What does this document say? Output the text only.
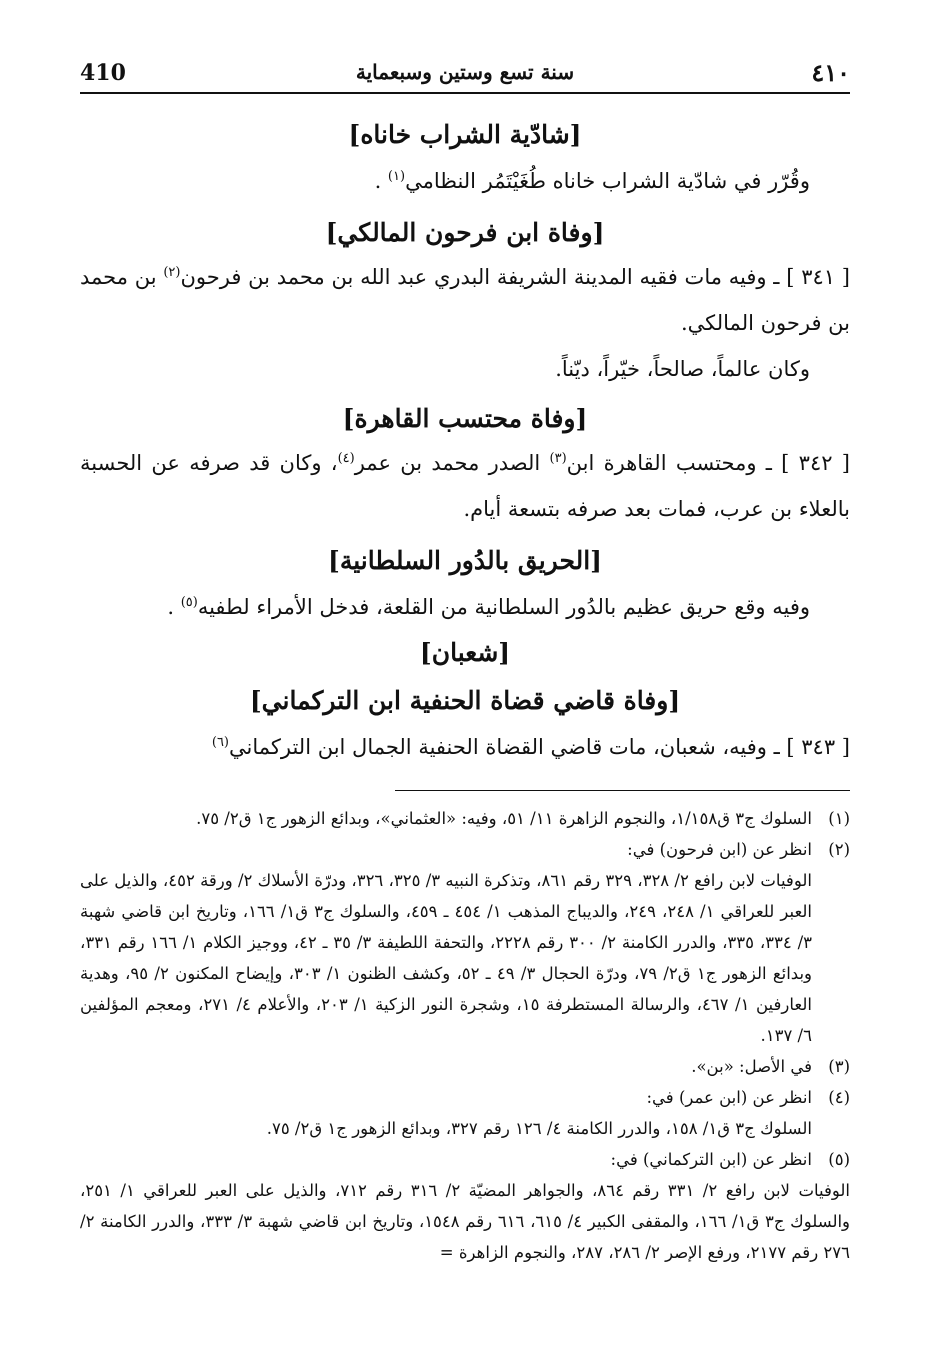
410	سنة تسع وستين وسبعماية	٤١٠
[شادّية الشراب خاناه]

وقُرّر في شادّية الشراب خاناه طُغَيْتَمُر النظامي$^{(١)}$ .

[وفاة ابن فرحون المالكي]

[ ٣٤١ ] ـ وفيه مات فقيه المدينة الشريفة البدري عبد الله بن محمد بن فرحون$^{(٢)}$ بن محمد بن فرحون المالكي.

وكان عالماً، صالحاً، خيّراً، ديّناً.

[وفاة محتسب القاهرة]

[ ٣٤٢ ] ـ ومحتسب القاهرة ابن$^{(٣)}$ الصدر محمد بن عمر$^{(٤)}$، وكان قد صرفه عن الحسبة بالعلاء بن عرب، فمات بعد صرفه بتسعة أيام.

[الحريق بالدُور السلطانية]

وفيه وقع حريق عظيم بالدُور السلطانية من القلعة، فدخل الأمراء لطفيه$^{(٥)}$ .

[شعبان]
[وفاة قاضي قضاة الحنفية ابن التركماني]

[ ٣٤٣ ] ـ وفيه، شعبان، مات قاضي القضاة الحنفية الجمال ابن التركماني$^{(٦)}$

(١)السلوك ج٣ ق١/١٥٨، والنجوم الزاهرة ١١/ ٥١، وفيه: «العثماني»، وبدائع الزهور ج١ ق٢/ ٧٥.

(٢)انظر عن (ابن فرحون) في:

الوفيات لابن رافع ٢/ ٣٢٨، ٣٢٩ رقم ٨٦١، وتذكرة النبيه ٣/ ٣٢٥، ٣٢٦، ودرّة الأسلاك ٢/ ورقة ٤٥٢، والذيل على العبر للعراقي ١/ ٢٤٨، ٢٤٩، والديباج المذهب ١/ ٤٥٤ ـ ٤٥٩، والسلوك ج٣ ق١/ ١٦٦، وتاريخ ابن قاضي شهبة ٣/ ٣٣٤، ٣٣٥، والدرر الكامنة ٢/ ٣٠٠ رقم ٢٢٢٨، والتحفة اللطيفة ٣/ ٣٥ ـ ٤٢، ووجيز الكلام ١/ ١٦٦ رقم ٣٣١، وبدائع الزهور ج١ ق٢/ ٧٩، ودرّة الحجال ٣/ ٤٩ ـ ٥٢، وكشف الظنون ١/ ٣٠٣، وإيضاح المكنون ٢/ ٩٥، وهدية العارفين ١/ ٤٦٧، والرسالة المستطرفة ١٥، وشجرة النور الزكية ١/ ٢٠٣، والأعلام ٤/ ٢٧١، ومعجم المؤلفين ٦/ ١٣٧.

(٣)في الأصل: «بن».

(٤)انظر عن (ابن عمر) في:

السلوك ج٣ ق١/ ١٥٨، والدرر الكامنة ٤/ ١٢٦ رقم ٣٢٧، وبدائع الزهور ج١ ق٢/ ٧٥.

(٥)انظر عن (ابن التركماني) في:

الوفيات لابن رافع ٢/ ٣٣١ رقم ٨٦٤، والجواهر المضيّة ٢/ ٣١٦ رقم ٧١٢، والذيل على العبر للعراقي ١/ ٢٥١، والسلوك ج٣ ق١/ ١٦٦، والمقفى الكبير ٤/ ٦١٥، ٦١٦ رقم ١٥٤٨، وتاريخ ابن قاضي شهبة ٣/ ٣٣٣، والدرر الكامنة ٢/ ٢٧٦ رقم ٢١٧٧، ورفع الإصر ٢/ ٢٨٦، ٢٨٧، والنجوم الزاهرة =
